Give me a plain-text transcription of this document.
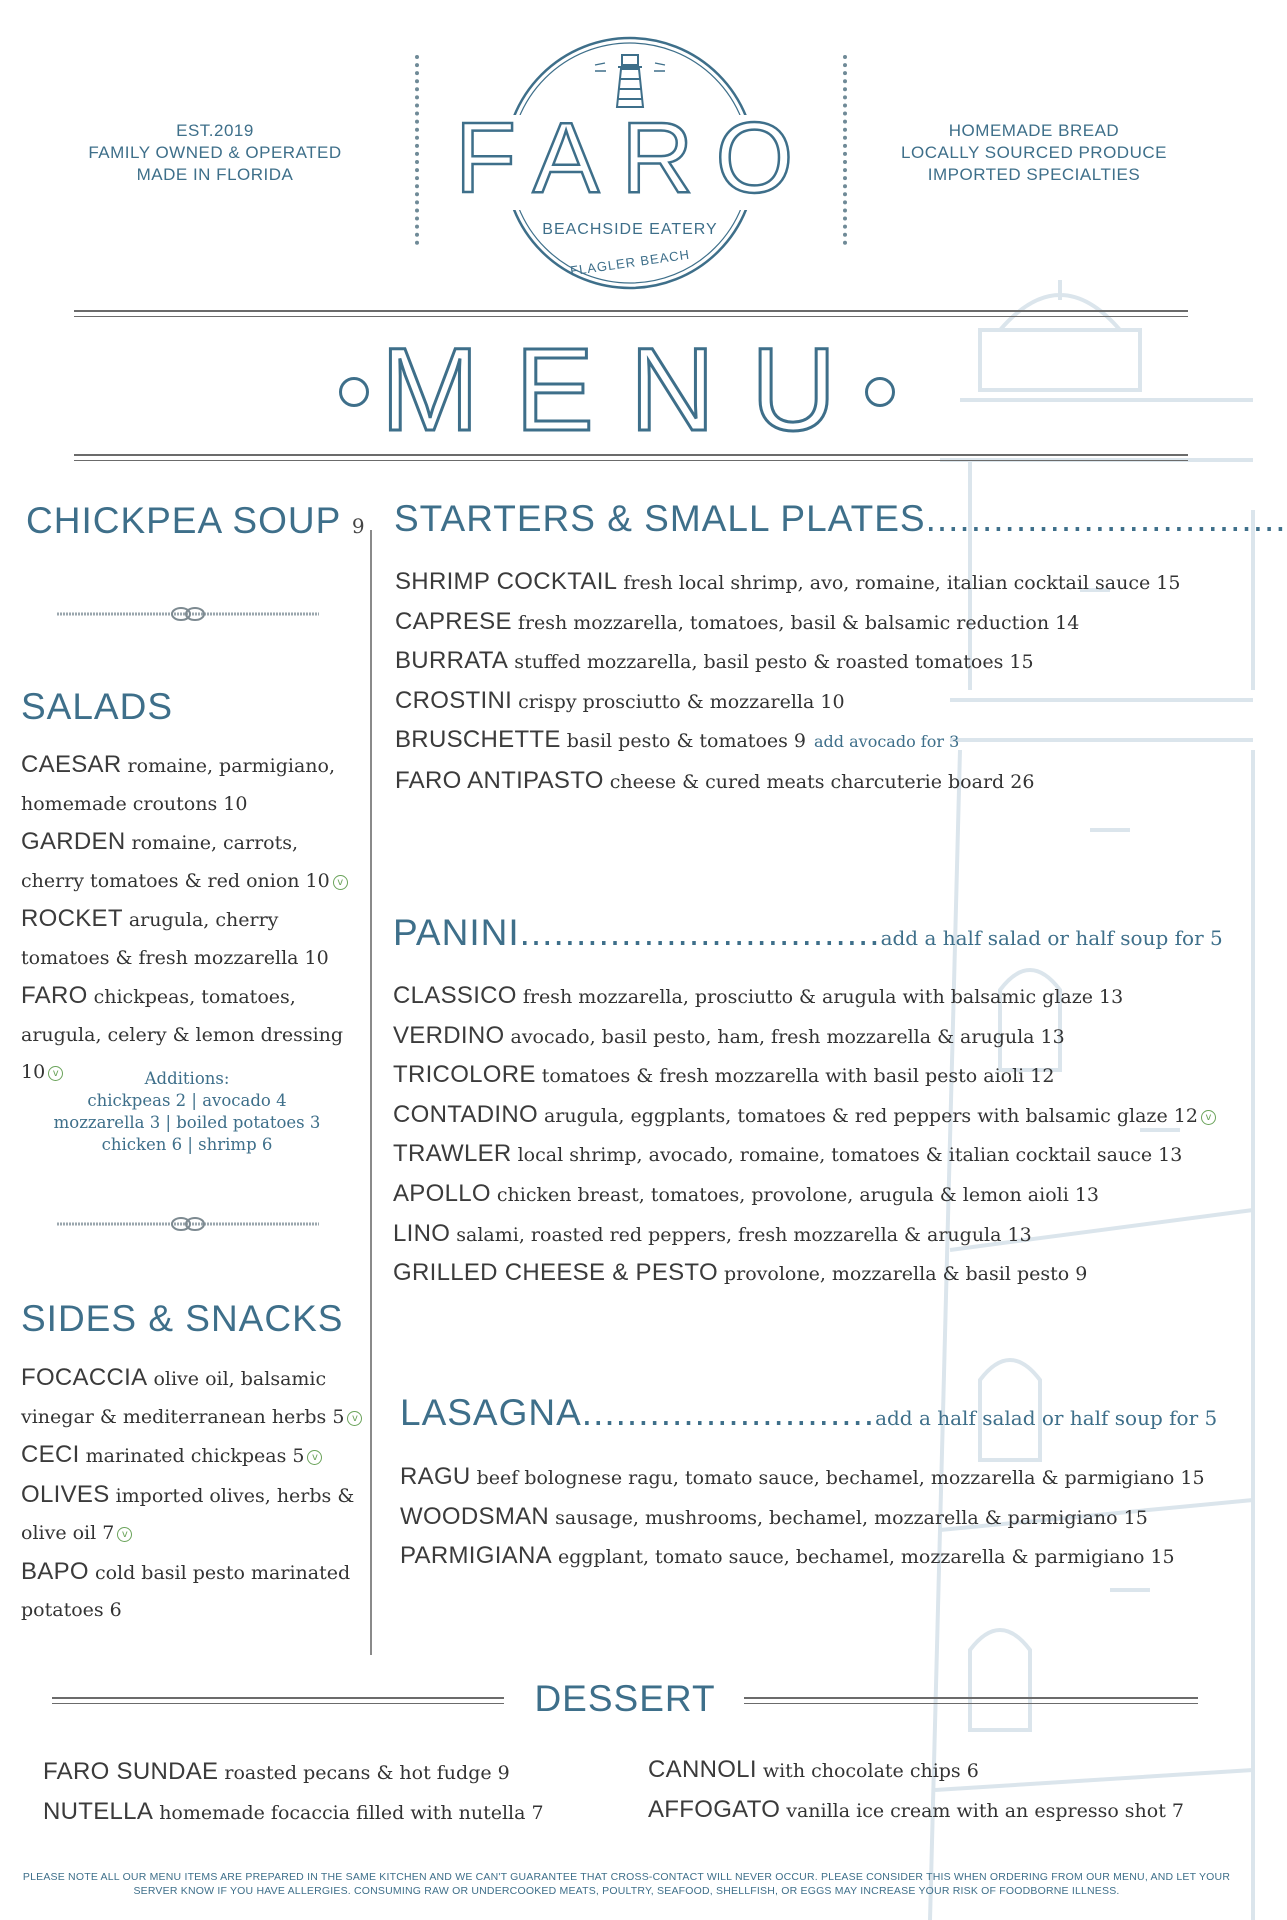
EST.2019
FAMILY OWNED & OPERATED
MADE IN FLORIDA
HOMEMADE BREAD
LOCALLY SOURCED PRODUCE
IMPORTED SPECIALTIES
FARO
BEACHSIDE EATERY
FLAGLER BEACH
MENU
CHICKPEA SOUP 9
SALADS
CAESAR romaine, parmigiano, homemade croutons 10
GARDEN romaine, carrots, cherry tomatoes & red onion 10 v
ROCKET arugula, cherry tomatoes & fresh mozzarella 10
FARO chickpeas, tomatoes, arugula, celery & lemon dressing 10 v	Additions:
chickpeas 2 | avocado 4
mozzarella 3 | boiled potatoes 3
chicken 6 | shrimp 6
SIDES & SNACKS
FOCACCIA olive oil, balsamic vinegar & mediterranean herbs 5 v
CECI marinated chickpeas 5 v
OLIVES imported olives, herbs & olive oil 7 v
BAPO cold basil pesto marinated potatoes 6
STARTERS & SMALL PLATES................................
SHRIMP COCKTAIL fresh local shrimp, avo, romaine, italian cocktail sauce 15
CAPRESE fresh mozzarella, tomatoes, basil & balsamic reduction 14
BURRATA stuffed mozzarella, basil pesto & roasted tomatoes 15
CROSTINI crispy prosciutto & mozzarella 10
BRUSCHETTE basil pesto & tomatoes 9 add avocado for 3
FARO ANTIPASTO cheese & cured meats charcuterie board 26
PANINI................................add a half salad or half soup for 5
CLASSICO fresh mozzarella, prosciutto & arugula with balsamic glaze 13
VERDINO avocado, basil pesto, ham, fresh mozzarella & arugula 13
TRICOLORE tomatoes & fresh mozzarella with basil pesto aioli 12
CONTADINO arugula, eggplants, tomatoes & red peppers with balsamic glaze 12 v
TRAWLER local shrimp, avocado, romaine, tomatoes & italian cocktail sauce 13
APOLLO chicken breast, tomatoes, provolone, arugula & lemon aioli 13
LINO salami, roasted red peppers, fresh mozzarella & arugula 13
GRILLED CHEESE & PESTO provolone, mozzarella & basil pesto 9
LASAGNA..........................add a half salad or half soup for 5
RAGU beef bolognese ragu, tomato sauce, bechamel, mozzarella & parmigiano 15
WOODSMAN sausage, mushrooms, bechamel, mozzarella & parmigiano 15
PARMIGIANA eggplant, tomato sauce, bechamel, mozzarella & parmigiano 15
DESSERT
FARO SUNDAE roasted pecans & hot fudge 9
NUTELLA homemade focaccia filled with nutella 7
CANNOLI with chocolate chips 6
AFFOGATO vanilla ice cream with an espresso shot 7
PLEASE NOTE ALL OUR MENU ITEMS ARE PREPARED IN THE SAME KITCHEN AND WE CAN'T GUARANTEE THAT CROSS-CONTACT WILL NEVER OCCUR. PLEASE CONSIDER THIS WHEN ORDERING FROM OUR MENU, AND LET YOUR SERVER KNOW IF YOU HAVE ALLERGIES. CONSUMING RAW OR UNDERCOOKED MEATS, POULTRY, SEAFOOD, SHELLFISH, OR EGGS MAY INCREASE YOUR RISK OF FOODBORNE ILLNESS.
